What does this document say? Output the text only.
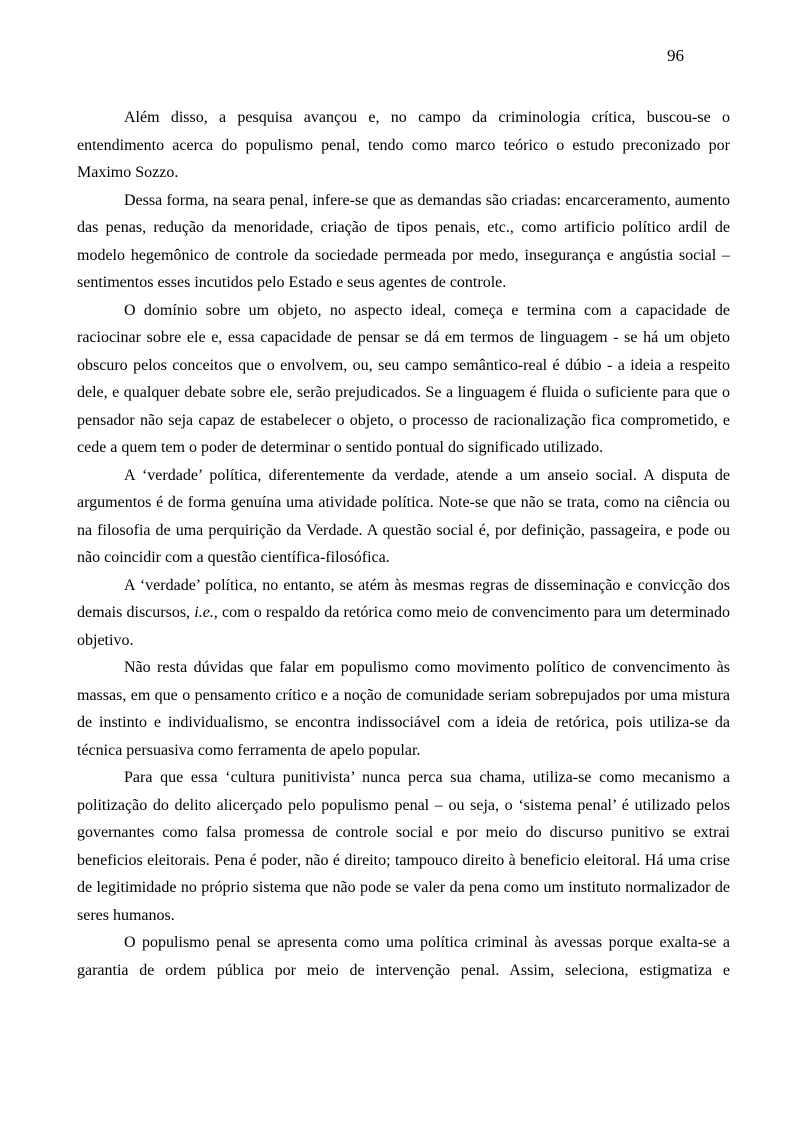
96

Além disso, a pesquisa avançou e, no campo da criminologia crítica, buscou-se o entendimento acerca do populismo penal, tendo como marco teórico o estudo preconizado por Maximo Sozzo.

Dessa forma, na seara penal, infere-se que as demandas são criadas: encarceramento, aumento das penas, redução da menoridade, criação de tipos penais, etc., como artificio político ardil de modelo hegemônico de controle da sociedade permeada por medo, insegurança e angústia social – sentimentos esses incutidos pelo Estado e seus agentes de controle.

O domínio sobre um objeto, no aspecto ideal, começa e termina com a capacidade de raciocinar sobre ele e, essa capacidade de pensar se dá em termos de linguagem - se há um objeto obscuro pelos conceitos que o envolvem, ou, seu campo semântico-real é dúbio - a ideia a respeito dele, e qualquer debate sobre ele, serão prejudicados. Se a linguagem é fluida o suficiente para que o pensador não seja capaz de estabelecer o objeto, o processo de racionalização fica comprometido, e cede a quem tem o poder de determinar o sentido pontual do significado utilizado.

A ‘verdade’ política, diferentemente da verdade, atende a um anseio social. A disputa de argumentos é de forma genuína uma atividade política. Note-se que não se trata, como na ciência ou na filosofia de uma perquirição da Verdade. A questão social é, por definição, passageira, e pode ou não coincidir com a questão científica-filosófica.

A ‘verdade’ política, no entanto, se atém às mesmas regras de disseminação e convicção dos demais discursos, i.e., com o respaldo da retórica como meio de convencimento para um determinado objetivo.

Não resta dúvidas que falar em populismo como movimento político de convencimento às massas, em que o pensamento crítico e a noção de comunidade seriam sobrepujados por uma mistura de instinto e individualismo, se encontra indissociável com a ideia de retórica, pois utiliza-se da técnica persuasiva como ferramenta de apelo popular.

Para que essa ‘cultura punitivista’ nunca perca sua chama, utiliza-se como mecanismo a politização do delito alicerçado pelo populismo penal – ou seja, o ‘sistema penal’ é utilizado pelos governantes como falsa promessa de controle social e por meio do discurso punitivo se extrai beneficios eleitorais. Pena é poder, não é direito; tampouco direito à beneficio eleitoral. Há uma crise de legitimidade no próprio sistema que não pode se valer da pena como um instituto normalizador de seres humanos.

O populismo penal se apresenta como uma política criminal às avessas porque exalta-se a garantia de ordem pública por meio de intervenção penal. Assim, seleciona, estigmatiza e
